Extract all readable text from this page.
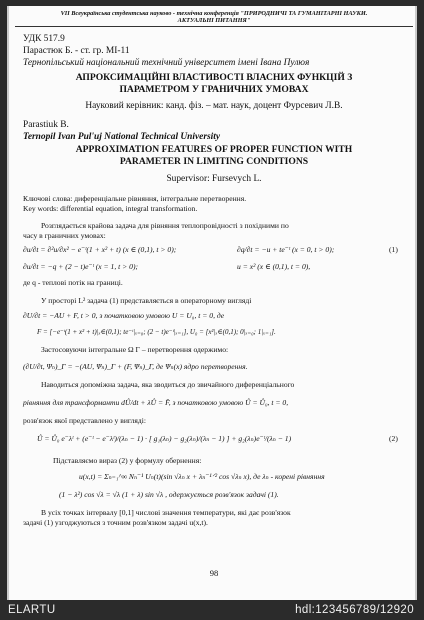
VII Всеукраїнська студентська науково - технічна конференція "ПРИРОДНИЧІ ТА ГУМАНІТАРНІ НАУКИ.
АКТУАЛЬНІ ПИТАННЯ"
УДК 517.9
Парастюк Б. - ст. гр. МІ-11
Тернопільський національний технічний університет імені Івана Пулюя
АПРОКСИМАЦІЙНІ ВЛАСТИВОСТІ ВЛАСНИХ ФУНКЦІЙ З
ПАРАМЕТРОМ У ГРАНИЧНИХ УМОВАХ
Науковий керівник: канд. фіз. – мат. наук, доцент Фурсевич Л.В.
Parastiuk B.
Ternopil Ivan Pul'uj National Technical University
APPROXIMATION FEATURES OF PROPER FUNCTION WITH
PARAMETER IN LIMITING CONDITIONS
Supervisor: Fursevych L.
Ключові слова: диференціальне рівняння, інтегральне перетворення.
Key words: differential equation, integral transformation.
Розглядається крайова задача для рівняння теплопровідності з похідними по
часу в граничних умовах:
∂u/∂t = ∂²u/∂x² − e⁻ᵗ(1 + x² + t) (x ∈ (0,1), t > 0);	∂q/∂t = −u + te⁻ᵗ (x = 0, t > 0);	(1)
∂u/∂t = −q + (2 − t)e⁻ᵗ (x = 1, t > 0);	u = x² (x ∈ (0,1), t = 0),
де q - теплові потік на границі.
У просторі L² задача (1) представляється в операторному вигляді
∂U/∂t = −AU + F, t > 0, з початковою умовою U = U₀, t = 0, де
F = [−e⁻ᵗ(1 + x² + t)|ₓ∈(0,1); te⁻ᵗ|ₓ₌₀; (2 − t)e⁻ᵗ|ₓ₌₁], U₀ = [x²|ₓ∈(0,1); 0|ₓ₌₀; 1|ₓ₌₁].
Застосовуючи інтегральне Ω Γ – перетворення одержимо:
(∂U/∂t, Ψₙ)_Γ = −(AU, Ψₙ)_Γ + (F, Ψₙ)_Γ, де Ψₙ(x) ядро перетворення.
Наводиться допоміжна задача, яка зводиться до звичайного диференціального
рівняння для трансформанти dÛ/dt + λÛ = F̂, з початковою умовою Û = Û₀, t = 0,
розв'язок якої представлено у вигляді:
Û = Û₀ e⁻λᵗ + (e⁻ᵗ − e⁻λᵗ)/(λₙ − 1) · [ g₁(λₙ) − g₂(λₙ)/(λₙ − 1) ] + g₂(λₙ)e⁻ᵗ/(λₙ − 1)	(2)
Підставляємо вираз (2) у формулу обернення:
u(x,t) = Σₙ₌₁^∞ Nₙ⁻¹ Uₙ(t)(sin √λₙ x + λₙ⁻¹ᐟ² cos √λₙ x), де λₙ - корені рівняння
(1 − λ²) cos √λ = √λ (1 + λ) sin √λ , одержується розв'язок задачі (1).
В усіх точках інтервалу [0,1] числові значення температури, які дає розв'язок
задачі (1) узгоджуються з точним розв'язком задачі u(x,t).
98
ELARTU	hdl:123456789/12920
